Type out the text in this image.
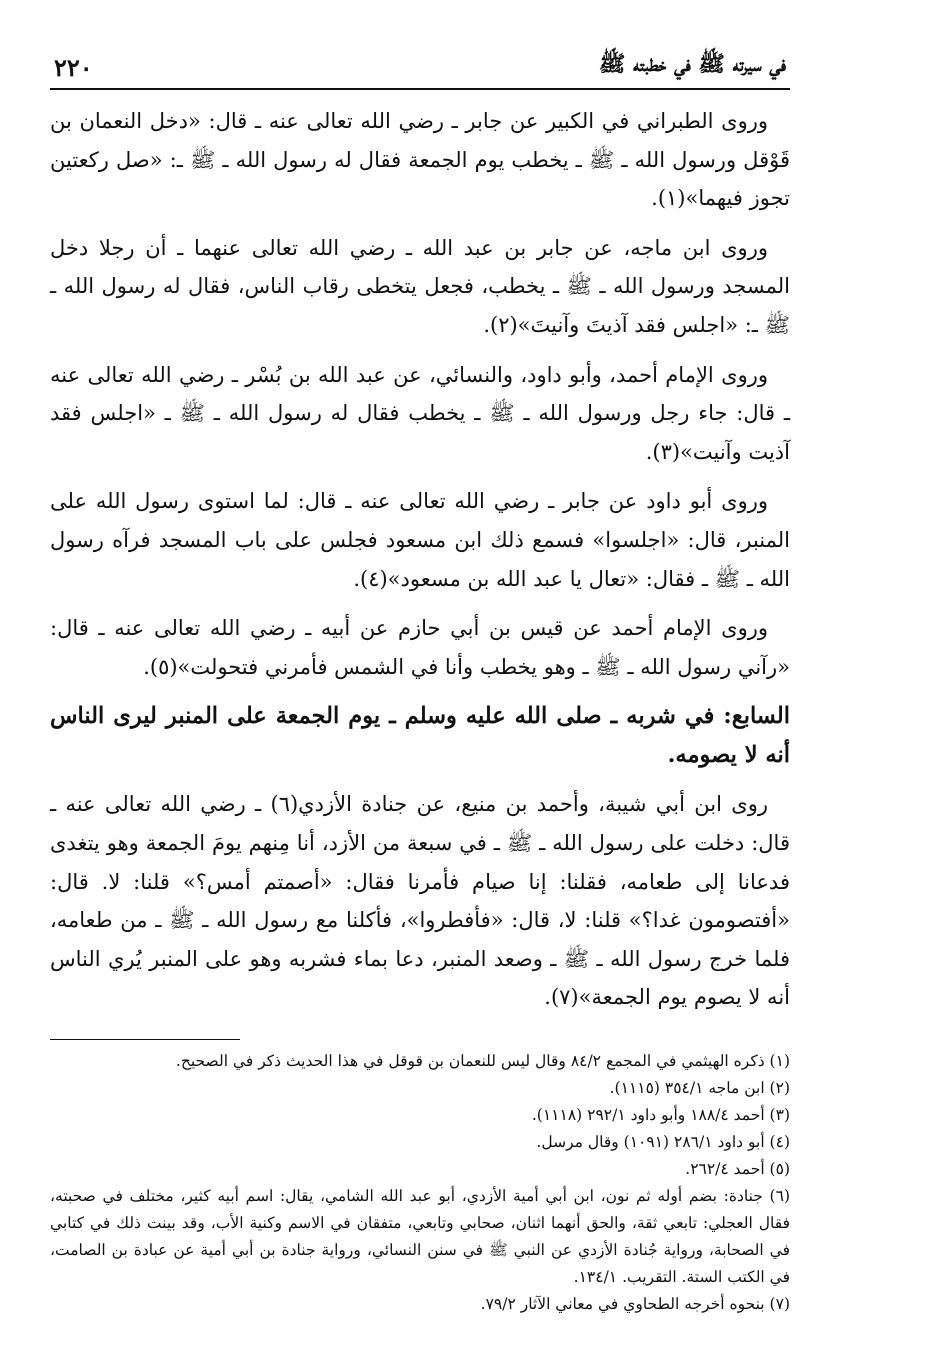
في سيرته ﷺ في خطبته ﷺ
٢٢٠

وروى الطبراني في الكبير عن جابر ـ رضي الله تعالى عنه ـ قال: «دخل النعمان بن قَوْقل ورسول الله ـ ﷺ ـ يخطب يوم الجمعة فقال له رسول الله ـ ﷺ ـ: «صل ركعتين تجوز فيهما»(١).

وروى ابن ماجه، عن جابر بن عبد الله ـ رضي الله تعالى عنهما ـ أن رجلا دخل المسجد ورسول الله ـ ﷺ ـ يخطب، فجعل يتخطى رقاب الناس، فقال له رسول الله ـ ﷺ ـ: «اجلس فقد آذيتَ وآنيتَ»(٢).

وروى الإمام أحمد، وأبو داود، والنسائي، عن عبد الله بن بُسْر ـ رضي الله تعالى عنه ـ قال: جاء رجل ورسول الله ـ ﷺ ـ يخطب فقال له رسول الله ـ ﷺ ـ «اجلس فقد آذيت وآنيت»(٣).

وروى أبو داود عن جابر ـ رضي الله تعالى عنه ـ قال: لما استوى رسول الله على المنبر، قال: «اجلسوا» فسمع ذلك ابن مسعود فجلس على باب المسجد فرآه رسول الله ـ ﷺ ـ فقال: «تعال يا عبد الله بن مسعود»(٤).

وروى الإمام أحمد عن قيس بن أبي حازم عن أبيه ـ رضي الله تعالى عنه ـ قال: «رآني رسول الله ـ ﷺ ـ وهو يخطب وأنا في الشمس فأمرني فتحولت»(٥).

السابع: في شربه ـ صلى الله عليه وسلم ـ يوم الجمعة على المنبر ليرى الناس أنه لا يصومه.

روى ابن أبي شيبة، وأحمد بن منيع، عن جنادة الأزدي(٦) ـ رضي الله تعالى عنه ـ قال: دخلت على رسول الله ـ ﷺ ـ في سبعة من الأزد، أنا مِنهم يومَ الجمعة وهو يتغدى فدعانا إلى طعامه، فقلنا: إنا صيام فأمرنا فقال: «أصمتم أمس؟» قلنا: لا. قال: «أفتصومون غدا؟» قلنا: لا، قال: «فأفطروا»، فأكلنا مع رسول الله ـ ﷺ ـ من طعامه، فلما خرج رسول الله ـ ﷺ ـ وصعد المنبر، دعا بماء فشربه وهو على المنبر يُري الناس أنه لا يصوم يوم الجمعة»(٧).

(١) ذكره الهيثمي في المجمع ٨٤/٢ وقال ليس للنعمان بن قوقل في هذا الحديث ذكر في الصحيح.

(٢) ابن ماجه ٣٥٤/١ (١١١٥).

(٣) أحمد ١٨٨/٤ وأبو داود ٢٩٢/١ (١١١٨).

(٤) أبو داود ٢٨٦/١ (١٠٩١) وقال مرسل.

(٥) أحمد ٢٦٢/٤.

(٦) جنادة: بضم أوله ثم نون، ابن أبي أمية الأزدي، أبو عبد الله الشامي، يقال: اسم أبيه كثير، مختلف في صحبته، فقال العجلي: تابعي ثقة، والحق أنهما اثنان، صحابي وتابعي، متفقان في الاسم وكنية الأب، وقد بينت ذلك في كتابي في الصحابة، ورواية جُنادة الأزدي عن النبي ﷺ في سنن النسائي، ورواية جنادة بن أبي أمية عن عبادة بن الصامت، في الكتب الستة. التقريب. ١٣٤/١.

(٧) بنحوه أخرجه الطحاوي في معاني الآثار ٧٩/٢.
